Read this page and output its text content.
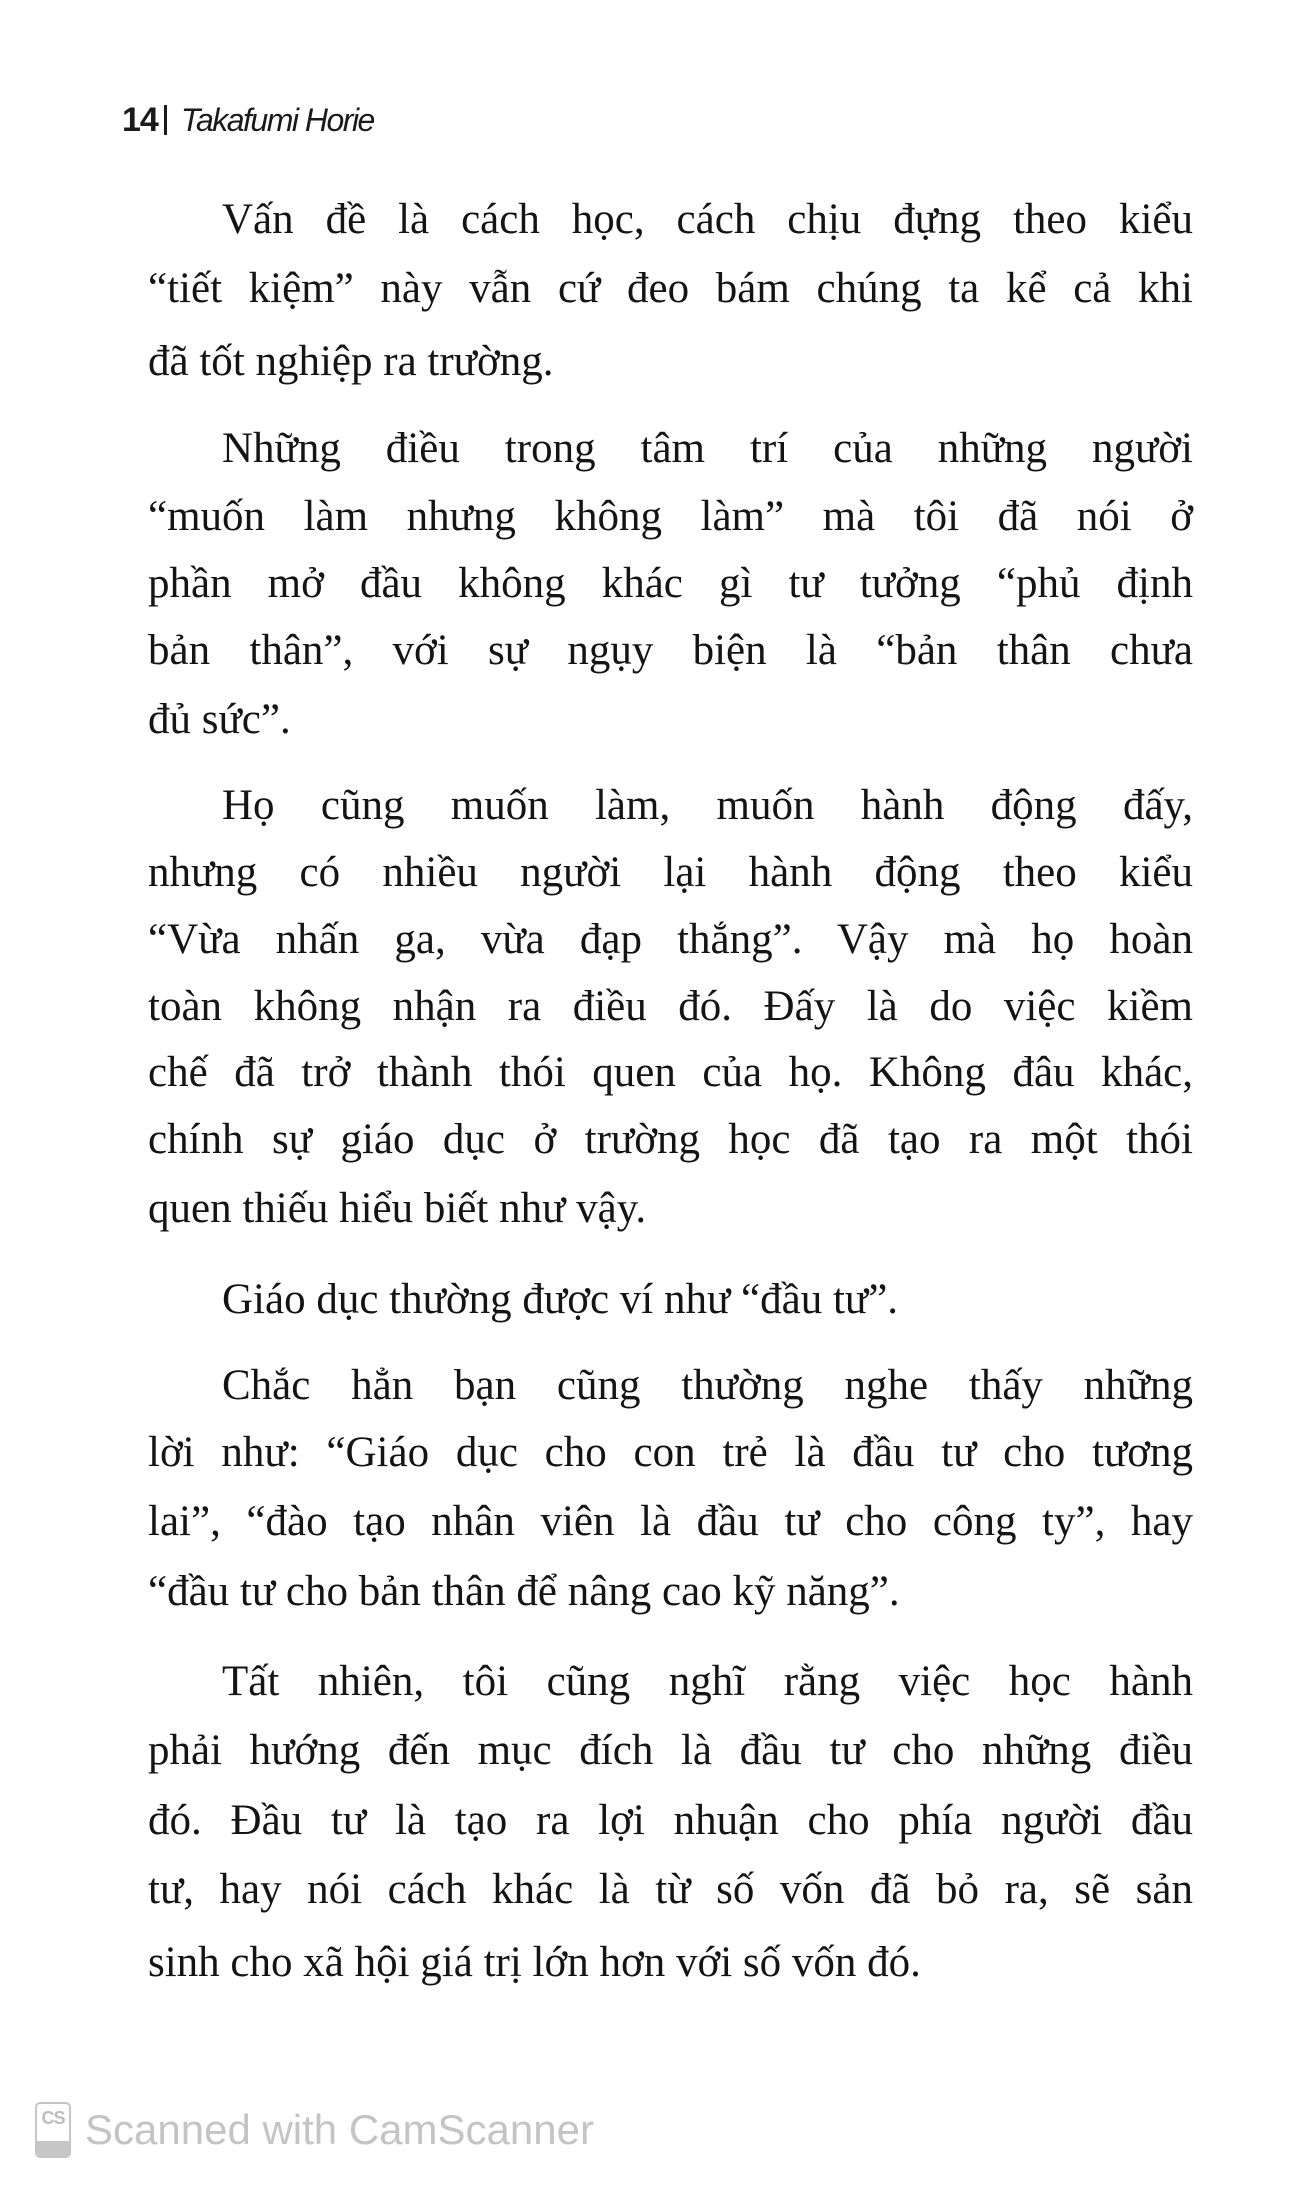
14 Takafumi Horie
Vấn đề là cách học, cách chịu đựng theo kiểu
“tiết kiệm” này vẫn cứ đeo bám chúng ta kể cả khi
đã tốt nghiệp ra trường.
Những điều trong tâm trí của những người
“muốn làm nhưng không làm” mà tôi đã nói ở
phần mở đầu không khác gì tư tưởng “phủ định
bản thân”, với sự ngụy biện là “bản thân chưa
đủ sức”.
Họ cũng muốn làm, muốn hành động đấy,
nhưng có nhiều người lại hành động theo kiểu
“Vừa nhấn ga, vừa đạp thắng”. Vậy mà họ hoàn
toàn không nhận ra điều đó. Đấy là do việc kiềm
chế đã trở thành thói quen của họ. Không đâu khác,
chính sự giáo dục ở trường học đã tạo ra một thói
quen thiếu hiểu biết như vậy.
Giáo dục thường được ví như “đầu tư”.
Chắc hẳn bạn cũng thường nghe thấy những
lời như: “Giáo dục cho con trẻ là đầu tư cho tương
lai”, “đào tạo nhân viên là đầu tư cho công ty”, hay
“đầu tư cho bản thân để nâng cao kỹ năng”.
Tất nhiên, tôi cũng nghĩ rằng việc học hành
phải hướng đến mục đích là đầu tư cho những điều
đó. Đầu tư là tạo ra lợi nhuận cho phía người đầu
tư, hay nói cách khác là từ số vốn đã bỏ ra, sẽ sản
sinh cho xã hội giá trị lớn hơn với số vốn đó.
CS Scanned with CamScanner
